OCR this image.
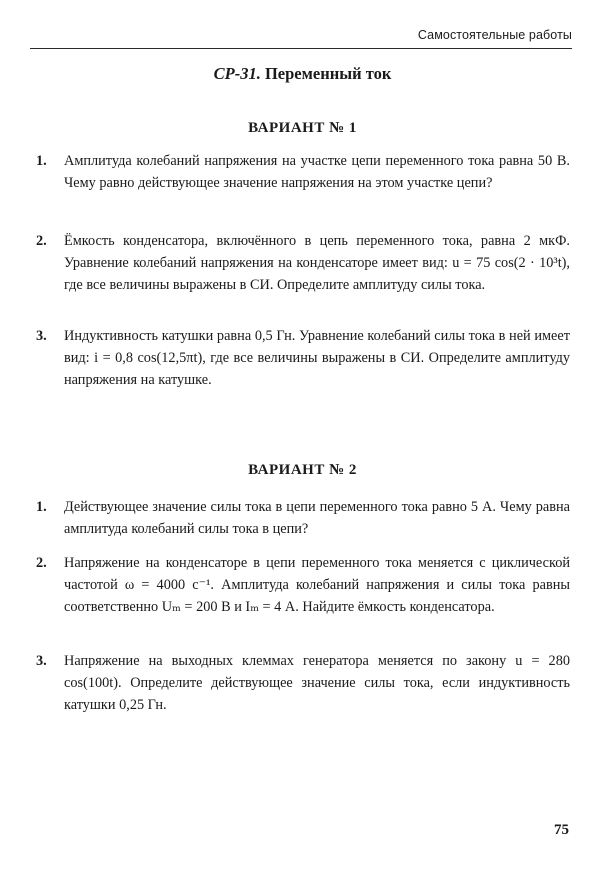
Самостоятельные работы
СР-31. Переменный ток
ВАРИАНТ № 1
1. Амплитуда колебаний напряжения на участке цепи переменного тока равна 50 В. Чему равно действующее значение напряжения на этом участке цепи?
2. Ёмкость конденсатора, включённого в цепь переменного тока, равна 2 мкФ. Уравнение колебаний напряжения на конденсаторе имеет вид: u = 75 cos(2 · 10³t), где все величины выражены в СИ. Определите амплитуду силы тока.
3. Индуктивность катушки равна 0,5 Гн. Уравнение колебаний силы тока в ней имеет вид: i = 0,8 cos(12,5πt), где все величины выражены в СИ. Определите амплитуду напряжения на катушке.
ВАРИАНТ № 2
1. Действующее значение силы тока в цепи переменного тока равно 5 А. Чему равна амплитуда колебаний силы тока в цепи?
2. Напряжение на конденсаторе в цепи переменного тока меняется с циклической частотой ω = 4000 с⁻¹. Амплитуда колебаний напряжения и силы тока равны соответственно Uₘ = 200 В и Iₘ = 4 А. Найдите ёмкость конденсатора.
3. Напряжение на выходных клеммах генератора меняется по закону u = 280 cos(100t). Определите действующее значение силы тока, если индуктивность катушки 0,25 Гн.
75
